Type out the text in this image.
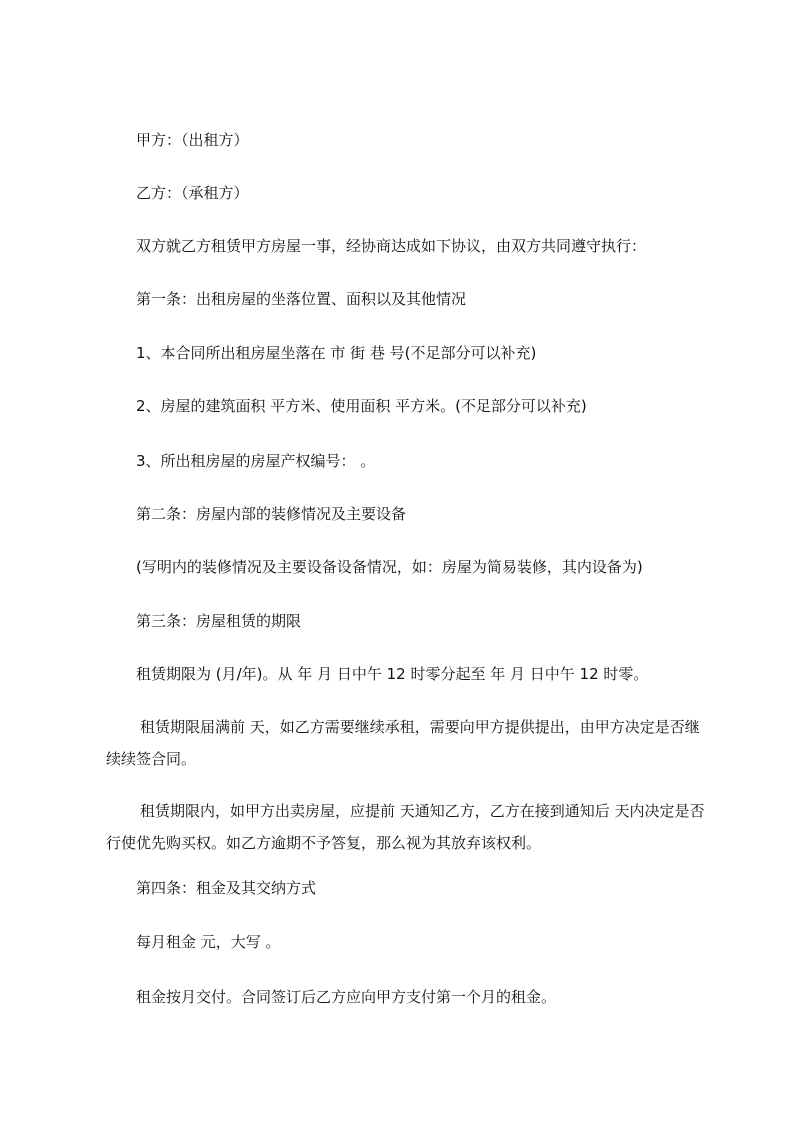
甲方：（出租方）

乙方：（承租方）

双方就乙方租赁甲方房屋一事，经协商达成如下协议，由双方共同遵守执行：

第一条：出租房屋的坐落位置、面积以及其他情况

1、本合同所出租房屋坐落在 市 街 巷 号(不足部分可以补充)

2、房屋的建筑面积 平方米、使用面积 平方米。(不足部分可以补充)

3、所出租房屋的房屋产权编号： 。

第二条：房屋内部的装修情况及主要设备

(写明内的装修情况及主要设备设备情况，如：房屋为简易装修，其内设备为)

第三条：房屋租赁的期限

租赁期限为 (月/年)。从 年 月 日中午 12 时零分起至 年 月 日中午 12 时零。

租赁期限届满前 天，如乙方需要继续承租，需要向甲方提供提出，由甲方决定是否继续续签合同。

租赁期限内，如甲方出卖房屋，应提前 天通知乙方，乙方在接到通知后 天内决定是否行使优先购买权。如乙方逾期不予答复，那么视为其放弃该权利。

第四条：租金及其交纳方式

每月租金 元，大写 。

租金按月交付。合同签订后乙方应向甲方支付第一个月的租金。
